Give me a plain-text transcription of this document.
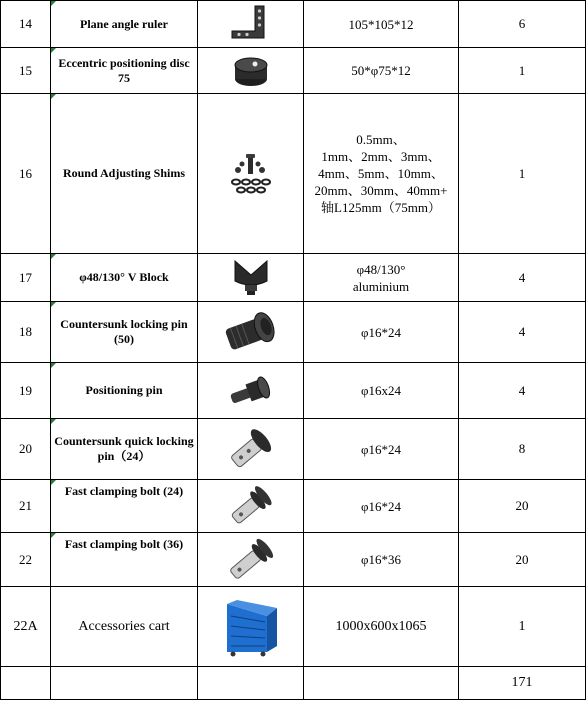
14	Plane angle ruler		105*105*12	6
15	Eccentric positioning disc 75		50*φ75*12	1
16	Round Adjusting Shims		0.5mm、
1mm、2mm、3mm、
4mm、5mm、10mm、
20mm、30mm、40mm+
轴L125mm（75mm）	1
17	φ48/130° V Block		φ48/130°
aluminium	4
18	Countersunk locking pin (50)		φ16*24	4
19	Positioning pin		φ16x24	4
20	Countersunk quick locking pin（24）		φ16*24	8
21	Fast clamping bolt (24)		φ16*24	20
22	Fast clamping bolt (36)		φ16*36	20
22A	Accessories cart		1000x600x1065	1
				171
